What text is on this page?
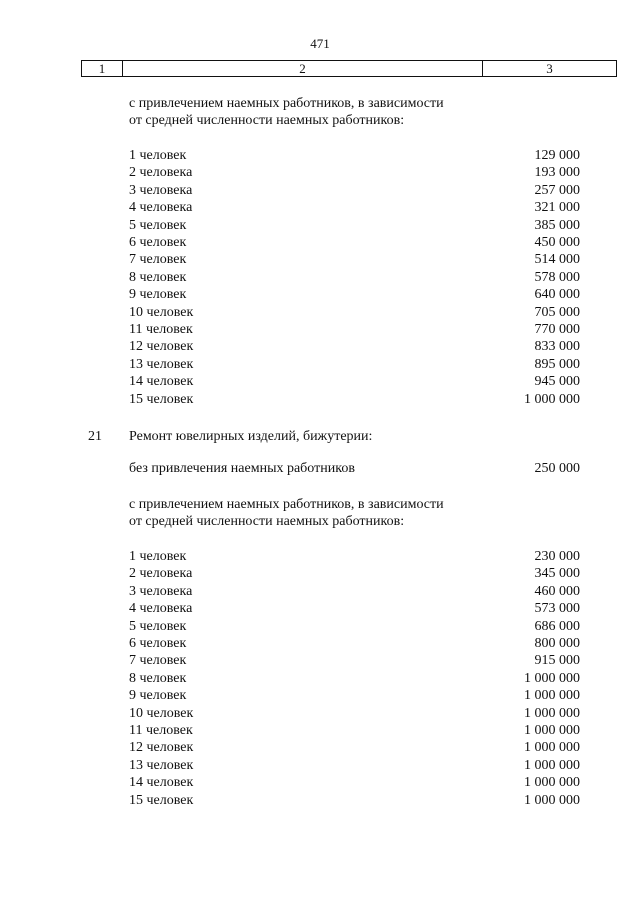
471
1	2	3
с привлечением наемных работников, в зависимости
от средней численности наемных работников:
1 человек	129 000
2 человека	193 000
3 человека	257 000
4 человека	321 000
5 человек	385 000
6 человек	450 000
7 человек	514 000
8 человек	578 000
9 человек	640 000
10 человек	705 000
11 человек	770 000
12 человек	833 000
13 человек	895 000
14 человек	945 000
15 человек	1 000 000
21 Ремонт ювелирных изделий, бижутерии:
без привлечения наемных работников	250 000
с привлечением наемных работников, в зависимости
от средней численности наемных работников:
1 человек	230 000
2 человека	345 000
3 человека	460 000
4 человека	573 000
5 человек	686 000
6 человек	800 000
7 человек	915 000
8 человек	1 000 000
9 человек	1 000 000
10 человек	1 000 000
11 человек	1 000 000
12 человек	1 000 000
13 человек	1 000 000
14 человек	1 000 000
15 человек	1 000 000
